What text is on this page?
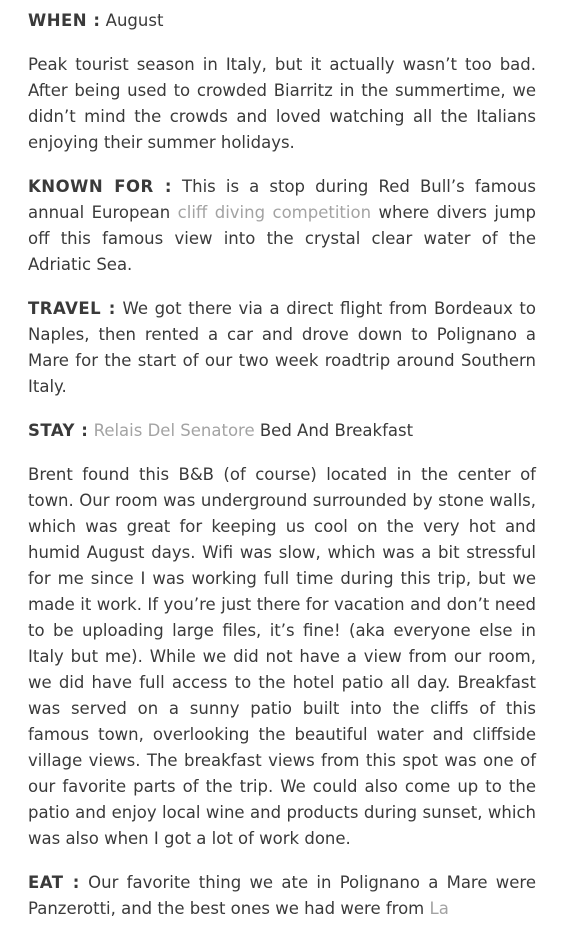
WHEN : August

Peak tourist season in Italy, but it actually wasn’t too bad. After being used to crowded Biarritz in the summertime, we didn’t mind the crowds and loved watching all the Italians enjoying their summer holidays.

KNOWN FOR : This is a stop during Red Bull’s famous annual European cliff diving competition where divers jump off this famous view into the crystal clear water of the Adriatic Sea.

TRAVEL : We got there via a direct flight from Bordeaux to Naples, then rented a car and drove down to Polignano a Mare for the start of our two week roadtrip around Southern Italy.

STAY : Relais Del Senatore Bed And Breakfast

Brent found this B&B (of course) located in the center of town. Our room was underground surrounded by stone walls, which was great for keeping us cool on the very hot and humid August days. Wifi was slow, which was a bit stressful for me since I was working full time during this trip, but we made it work. If you’re just there for vacation and don’t need to be uploading large files, it’s fine! (aka everyone else in Italy but me). While we did not have a view from our room, we did have full access to the hotel patio all day. Breakfast was served on a sunny patio built into the cliffs of this famous town, overlooking the beautiful water and cliffside village views. The breakfast views from this spot was one of our favorite parts of the trip. We could also come up to the patio and enjoy local wine and products during sunset, which was also when I got a lot of work done.

EAT : Our favorite thing we ate in Polignano a Mare were Panzerotti, and the best ones we had were from La
